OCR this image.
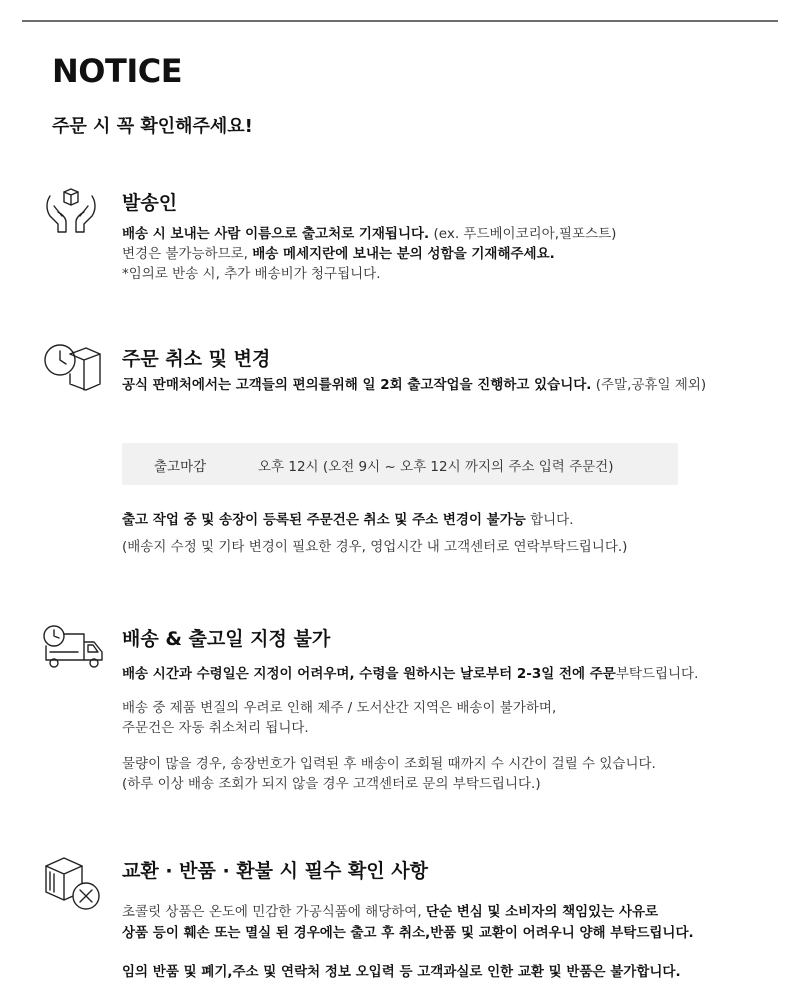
NOTICE

주문 시 꼭 확인해주세요!

발송인

배송 시 보내는 사람 이름으로 출고처로 기재됩니다. (ex. 푸드베이코리아,필포스트)

변경은 불가능하므로, 배송 메세지란에 보내는 분의 성함을 기재해주세요.

*임의로 반송 시, 추가 배송비가 청구됩니다.

주문 취소 및 변경

공식 판매처에서는 고객들의 편의를위해 일 2회 출고작업을 진행하고 있습니다. (주말,공휴일 제외)

출고마감	오후 12시 (오전 9시 ~ 오후 12시 까지의 주소 입력 주문건)

출고 작업 중 및 송장이 등록된 주문건은 취소 및 주소 변경이 불가능 합니다.

(배송지 수정 및 기타 변경이 필요한 경우, 영업시간 내 고객센터로 연락부탁드립니다.)

배송 & 출고일 지정 불가

배송 시간과 수령일은 지정이 어려우며, 수령을 원하시는 날로부터 2-3일 전에 주문부탁드립니다.

배송 중 제품 변질의 우려로 인해 제주 / 도서산간 지역은 배송이 불가하며,

주문건은 자동 취소처리 됩니다.

물량이 많을 경우, 송장번호가 입력된 후 배송이 조회될 때까지 수 시간이 걸릴 수 있습니다.

(하루 이상 배송 조회가 되지 않을 경우 고객센터로 문의 부탁드립니다.)

교환 · 반품 · 환불 시 필수 확인 사항

초콜릿 상품은 온도에 민감한 가공식품에 해당하여, 단순 변심 및 소비자의 책임있는 사유로

상품 등이 훼손 또는 멸실 된 경우에는 출고 후 취소,반품 및 교환이 어려우니 양해 부탁드립니다.

임의 반품 및 폐기,주소 및 연락처 정보 오입력 등 고객과실로 인한 교환 및 반품은 불가합니다.
